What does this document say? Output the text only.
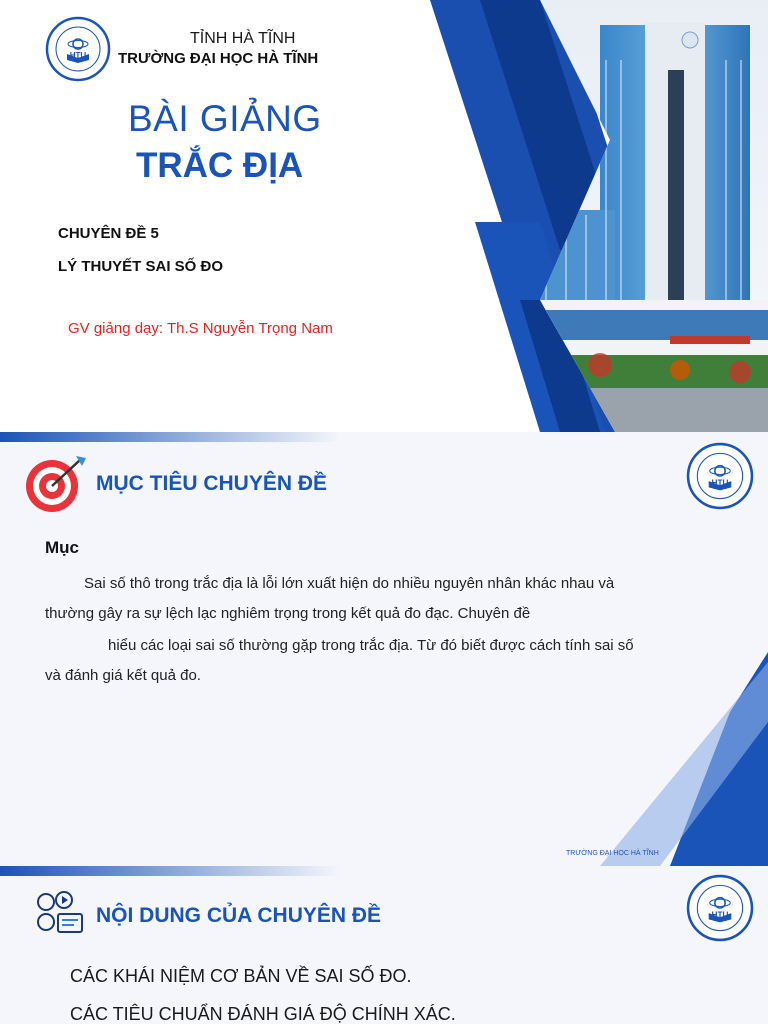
HTU
TỈNH HÀ TĨNH
TRƯỜNG ĐẠI HỌC HÀ TĨNH
BÀI GIẢNG
TRẮC ĐỊA
CHUYÊN ĐỀ 5
LÝ THUYẾT SAI SỐ ĐO
GV giảng dạy: Th.S Nguyễn Trọng Nam
MỤC TIÊU CHUYÊN ĐỀ	HTU
Mục
Sai số thô trong trắc địa là lỗi lớn xuất hiện do nhiều nguyên nhân khác nhau và
thường gây ra sự lệch lạc nghiêm trọng trong kết quả đo đạc. Chuyên đề
hiểu các loại sai số thường gặp trong trắc địa. Từ đó biết được cách tính sai số
và đánh giá kết quả đo.
TRƯỜNG ĐẠI HỌC HÀ TĨNH
NỘI DUNG CỦA CHUYÊN ĐỀ	HTU
CÁC KHÁI NIỆM CƠ BẢN VỀ SAI SỐ ĐO.
CÁC TIÊU CHUẨN ĐÁNH GIÁ ĐỘ CHÍNH XÁC.
